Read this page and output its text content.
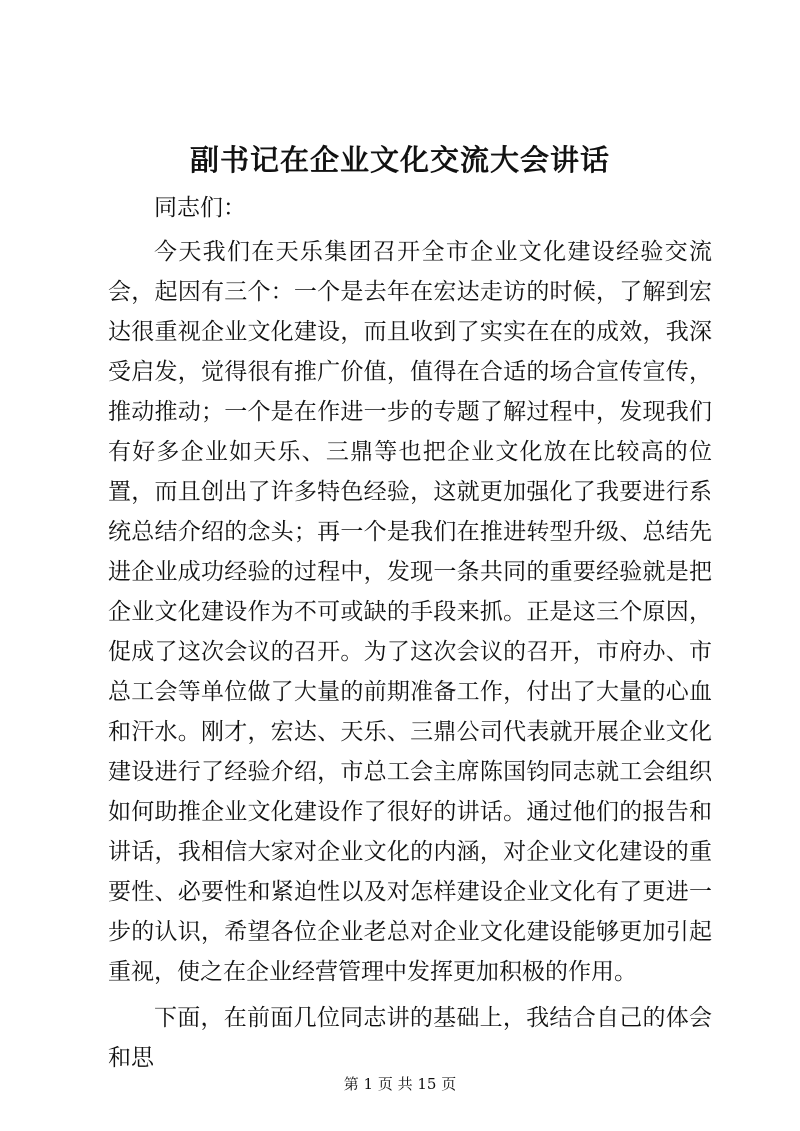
副书记在企业文化交流大会讲话

同志们：

今天我们在天乐集团召开全市企业文化建设经验交流会，起因有三个：一个是去年在宏达走访的时候，了解到宏达很重视企业文化建设，而且收到了实实在在的成效，我深受启发，觉得很有推广价值，值得在合适的场合宣传宣传，推动推动；一个是在作进一步的专题了解过程中，发现我们有好多企业如天乐、三鼎等也把企业文化放在比较高的位置，而且创出了许多特色经验，这就更加强化了我要进行系统总结介绍的念头；再一个是我们在推进转型升级、总结先进企业成功经验的过程中，发现一条共同的重要经验就是把企业文化建设作为不可或缺的手段来抓。正是这三个原因，促成了这次会议的召开。为了这次会议的召开，市府办、市总工会等单位做了大量的前期准备工作，付出了大量的心血和汗水。刚才，宏达、天乐、三鼎公司代表就开展企业文化建设进行了经验介绍，市总工会主席陈国钧同志就工会组织如何助推企业文化建设作了很好的讲话。通过他们的报告和讲话，我相信大家对企业文化的内涵，对企业文化建设的重要性、必要性和紧迫性以及对怎样建设企业文化有了更进一步的认识，希望各位企业老总对企业文化建设能够更加引起重视，使之在企业经营管理中发挥更加积极的作用。

下面，在前面几位同志讲的基础上，我结合自己的体会和思

第 1 页 共 15 页
